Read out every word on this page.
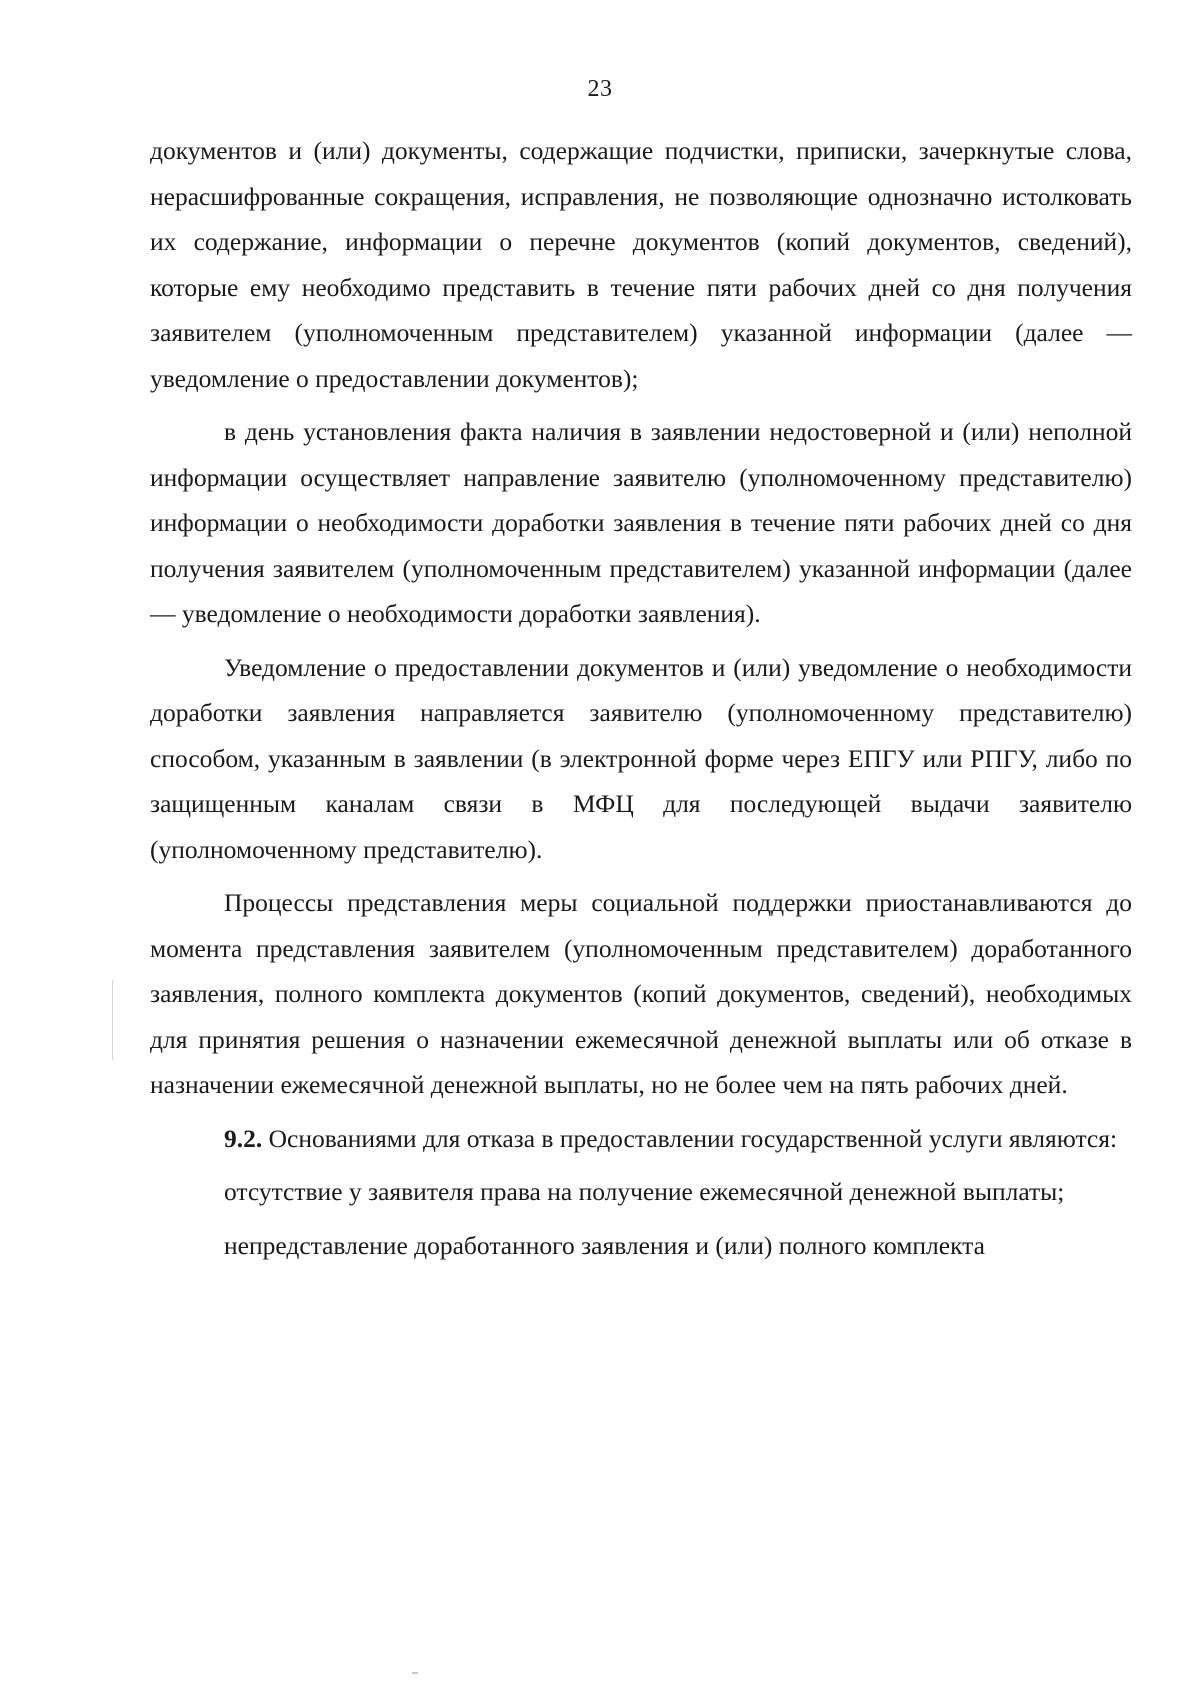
23

документов и (или) документы, содержащие подчистки, приписки, зачеркнутые слова, нерасшифрованные сокращения, исправления, не позволяющие однозначно истолковать их содержание, информации о перечне документов (копий документов, сведений), которые ему необходимо представить в течение пяти рабочих дней со дня получения заявителем (уполномоченным представителем) указанной информации (далее — уведомление о предоставлении документов);

в день установления факта наличия в заявлении недостоверной и (или) неполной информации осуществляет направление заявителю (уполномоченному представителю) информации о необходимости доработки заявления в течение пяти рабочих дней со дня получения заявителем (уполномоченным представителем) указанной информации (далее — уведомление о необходимости доработки заявления).

Уведомление о предоставлении документов и (или) уведомление о необходимости доработки заявления направляется заявителю (уполномоченному представителю) способом, указанным в заявлении (в электронной форме через ЕПГУ или РПГУ, либо по защищенным каналам связи в МФЦ для последующей выдачи заявителю (уполномоченному представителю).

Процессы представления меры социальной поддержки приостанавливаются до момента представления заявителем (уполномоченным представителем) доработанного заявления, полного комплекта документов (копий документов, сведений), необходимых для принятия решения о назначении ежемесячной денежной выплаты или об отказе в назначении ежемесячной денежной выплаты, но не более чем на пять рабочих дней.

9.2. Основаниями для отказа в предоставлении государственной услуги являются:

отсутствие у заявителя права на получение ежемесячной денежной выплаты;

непредставление доработанного заявления и (или) полного комплекта
